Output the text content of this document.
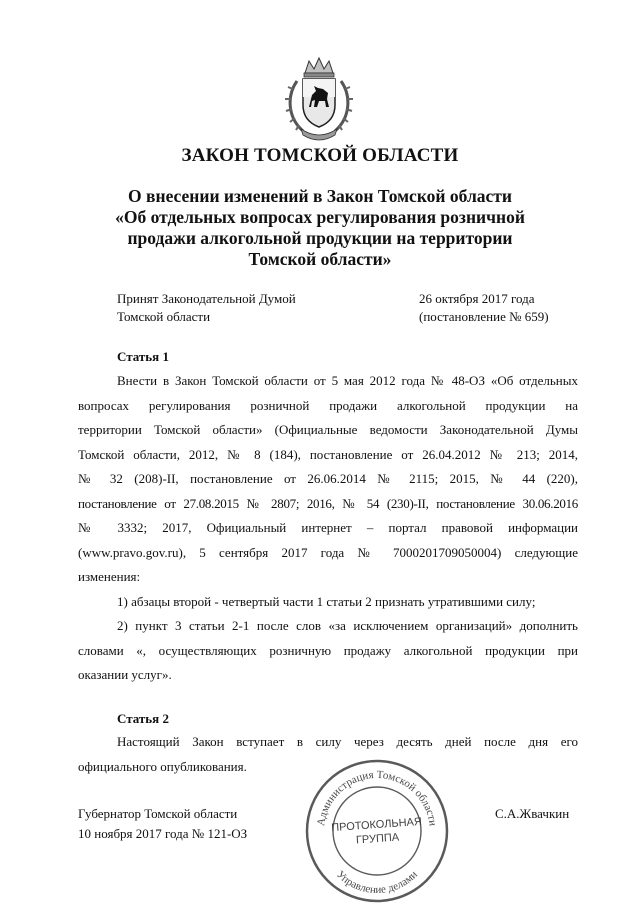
ЗАКОН ТОМСКОЙ ОБЛАСТИ
О внесении изменений в Закон Томской области
«Об отдельных вопросах регулирования розничной
продажи алкогольной продукции на территории
Томской области»
Принят Законодательной Думой
Томской области
26 октября 2017 года
(постановление № 659)
Статья 1
Внести в Закон Томской области от 5 мая 2012 года № 48-ОЗ «Об отдельных
вопросах регулирования розничной продажи алкогольной продукции на
территории Томской области» (Официальные ведомости Законодательной Думы
Томской области, 2012, № 8 (184), постановление от 26.04.2012 № 213; 2014,
№ 32 (208)-II, постановление от 26.06.2014 № 2115; 2015, № 44 (220),
постановление от 27.08.2015 № 2807; 2016, № 54 (230)-II, постановление 30.06.2016
№ 3332; 2017, Официальный интернет – портал правовой информации
(www.pravo.gov.ru), 5 сентября 2017 года № 7000201709050004) следующие
изменения:
1) абзацы второй - четвертый части 1 статьи 2 признать утратившими силу;
2) пункт 3 статьи 2-1 после слов «за исключением организаций» дополнить
словами «, осуществляющих розничную продажу алкогольной продукции при
оказании услуг».
Статья 2
Настоящий Закон вступает в силу через десять дней после дня его
официального опубликования.
Губернатор Томской области
10 ноября 2017 года № 121-ОЗ
С.А.Жвачкин
Администрация Томской области
Управление делами
ПРОТОКОЛЬНАЯ
ГРУППА
